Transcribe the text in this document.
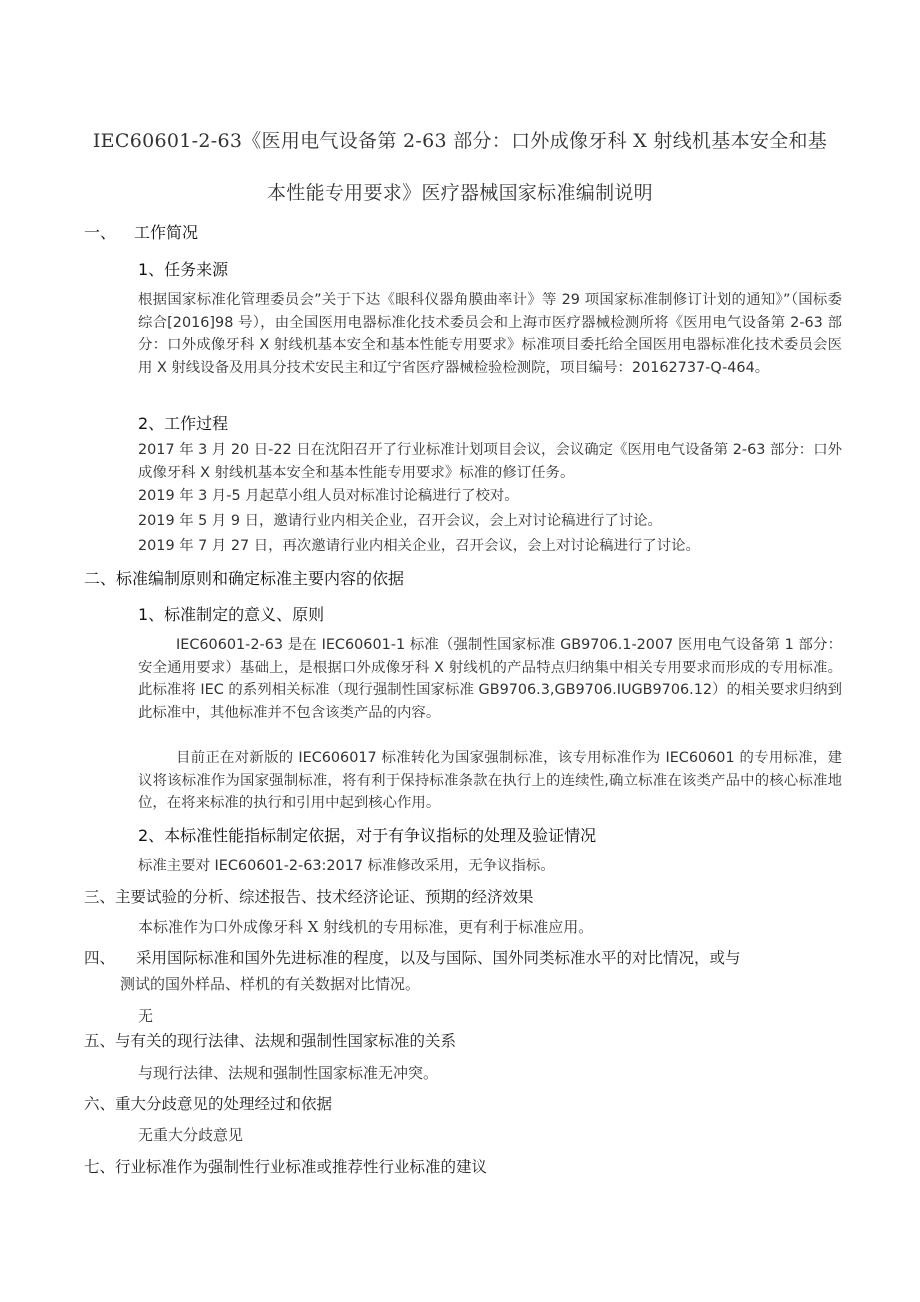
IEC60601-2-63《医用电气设备第 2-63 部分：口外成像牙科 X 射线机基本安全和基
本性能专用要求》医疗器械国家标准编制说明
一、 工作简况
1、任务来源
根据国家标准化管理委员会”关于下达《眼科仪器角膜曲率计》等 29 项国家标准制修订计划的通知》”（国标委综合[2016]98 号），由全国医用电器标准化技术委员会和上海市医疗器械检测所将《医用电气设备第 2-63 部分：口外成像牙科 X 射线机基本安全和基本性能专用要求》标准项目委托给全国医用电器标准化技术委员会医用 X 射线设备及用具分技术安民主和辽宁省医疗器械检验检测院，项目编号：20162737-Q-464。
2、工作过程
2017 年 3 月 20 日-22 日在沈阳召开了行业标准计划项目会议，会议确定《医用电气设备第 2-63 部分：口外成像牙科 X 射线机基本安全和基本性能专用要求》标准的修订任务。
2019 年 3 月-5 月起草小组人员对标准讨论稿进行了校对。
2019 年 5 月 9 日，邀请行业内相关企业，召开会议，会上对讨论稿进行了讨论。
2019 年 7 月 27 日，再次邀请行业内相关企业，召开会议，会上对讨论稿进行了讨论。
二、标准编制原则和确定标准主要内容的依据
1、标准制定的意义、原则
IEC60601-2-63 是在 IEC60601-1 标准（强制性国家标准 GB9706.1-2007 医用电气设备第 1 部分：安全通用要求）基础上，是根据口外成像牙科 X 射线机的产品特点归纳集中相关专用要求而形成的专用标准。此标准将 IEC 的系列相关标准（现行强制性国家标准 GB9706.3,GB9706.IUGB9706.12）的相关要求归纳到此标准中，其他标准并不包含该类产品的内容。
目前正在对新版的 IEC606017 标准转化为国家强制标准，该专用标准作为 IEC60601 的专用标准，建议将该标准作为国家强制标准，将有利于保持标准条款在执行上的连续性,确立标准在该类产品中的核心标准地位，在将来标准的执行和引用中起到核心作用。
2、本标准性能指标制定依据，对于有争议指标的处理及验证情况
标准主要对 IEC60601-2-63:2017 标准修改采用，无争议指标。
三、主要试验的分析、综述报告、技术经济论证、预期的经济效果
本标准作为口外成像牙科 X 射线机的专用标准，更有利于标准应用。
四、 采用国际标准和国外先进标准的程度，以及与国际、国外同类标准水平的对比情况，或与
测试的国外样品、样机的有关数据对比情况。
无
五、与有关的现行法律、法规和强制性国家标准的关系
与现行法律、法规和强制性国家标准无冲突。
六、重大分歧意见的处理经过和依据
无重大分歧意见
七、行业标准作为强制性行业标准或推荐性行业标准的建议
